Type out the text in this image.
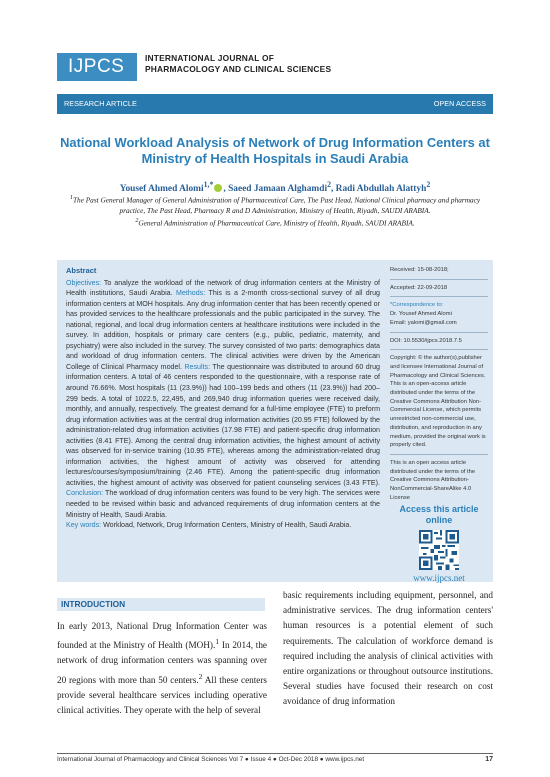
IJPCS	INTERNATIONAL JOURNAL OF
PHARMACOLOGY AND CLINICAL SCIENCES
RESEARCH ARTICLE	OPEN ACCESS
National Workload Analysis of Network of Drug Information Centers at Ministry of Health Hospitals in Saudi Arabia
Yousef Ahmed Alomi$^{1,*}$ , Saeed Jamaan Alghamdi$^2$, Radi Abdullah Alattyh$^2$
$^1$The Past General Manager of General Administration of Pharmaceutical Care, The Past Head, National Clinical pharmacy and pharmacy practice, The Past Head, Pharmacy R and D Administration, Ministry of Health, Riyadh, SAUDI ARABIA.
$^2$General Administration of Pharmaceutical Care, Ministry of Health, Riyadh, SAUDI ARABIA.
Abstract
Objectives: To analyze the workload of the network of drug information centers at the Ministry of Health institutions, Saudi Arabia. Methods: This is a 2-month cross-sectional survey of all drug information centers at MOH hospitals. Any drug information center that has been recently opened or has provided services to the healthcare professionals and the public participated in the survey. The national, regional, and local drug information centers at healthcare institutions were included in the survey. In addition, hospitals or primary care centers (e.g., public, pediatric, maternity, and psychiatry) were also included in the survey. The survey consisted of two parts: demographics data and workload of drug information centers. The clinical activities were driven by the American College of Clinical Pharmacy model. Results: The questionnaire was distributed to around 60 drug information centers. A total of 46 centers responded to the questionnaire, with a response rate of around 76.66%. Most hospitals (11 (23.9%)) had 100–199 beds and others (11 (23.9%)) had 200–299 beds. A total of 1022.5, 22,495, and 269,940 drug information queries were received daily, monthly, and annually, respectively. The greatest demand for a full-time employee (FTE) to preform drug information activities was at the central drug information activities (20.95 FTE) followed by the administration-related drug information activities (17.98 FTE) and patient-specific drug information activities (8.41 FTE). Among the central drug information activities, the highest amount of activity was observed for in-service training (10.95 FTE), whereas among the administration-related drug information activities, the highest amount of activity was observed for attending lectures/courses/symposium/training (2.46 FTE). Among the patient-specific drug information activities, the highest amount of activity was observed for patient counseling services (3.43 FTE). Conclusion: The workload of drug information centers was found to be very high. The services were needed to be revised within basic and advanced requirements of drug information centers at the Ministry of Health, Saudi Arabia.
Key words: Workload, Network, Drug Information Centers, Ministry of Health, Saudi Arabia.
Received: 15-08-2018;
Accepted: 22-09-2018
*Correspondence to:
Dr. Yousef Ahmed Alomi
Email: yalomi@gmail.com
DOI: 10.5530/ijpcs.2018.7.5
Copyright: © the author(s),publisher and licensee International Journal of Pharmacology and Clinical Sciences. This is an open-access article distributed under the terms of the Creative Commons Attribution Non-Commercial License, which permits unrestricted non-commercial use, distribution, and reproduction in any medium, provided the original work is properly cited.
This is an open access article distributed under the terms of the Creative Commons Attribution-NonCommercial-ShareAlike 4.0 License
Access this article online
www.ijpcs.net
INTRODUCTION
In early 2013, National Drug Information Center was founded at the Ministry of Health (MOH).$^1$ In 2014, the network of drug information centers was spanning over 20 regions with more than 50 centers.$^2$ All these centers provide several healthcare services including operative clinical activities. They operate with the help of several
basic requirements including equipment, personnel, and administrative services. The drug information centers' human resources is a potential element of such requirements. The calculation of workforce demand is required including the analysis of clinical activities with entire organizations or throughout outsource institutions. Several studies have focused their research on cost avoidance of drug information
International Journal of Pharmacology and Clinical Sciences Vol 7 ● Issue 4 ● Oct-Dec 2018 ● www.ijpcs.net	17
